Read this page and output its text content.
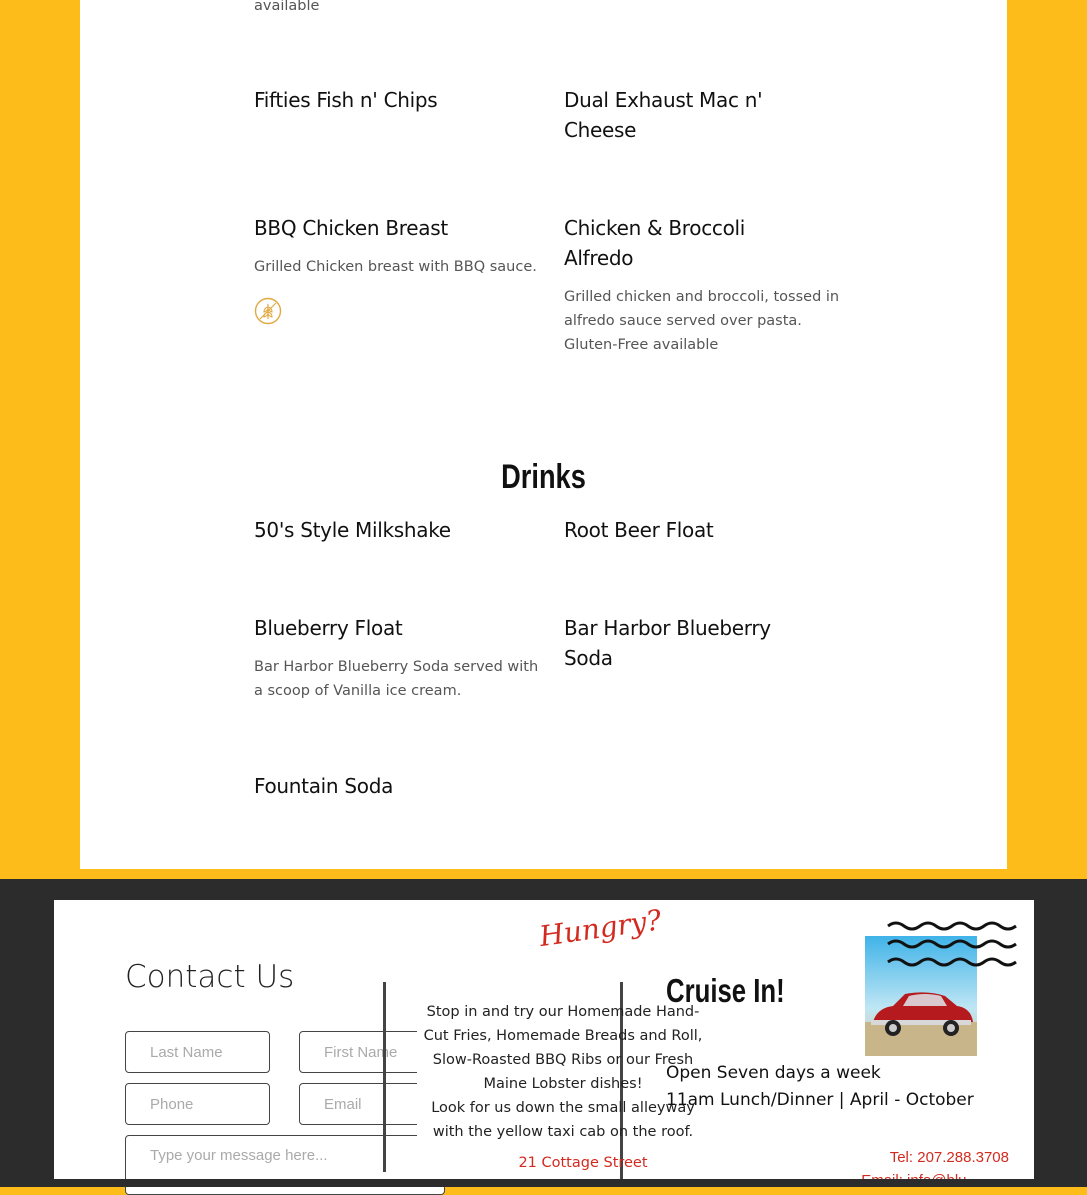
available
Fifties Fish n' Chips	Dual Exhaust Mac n' Cheese
BBQ Chicken Breast
Grilled Chicken breast with BBQ sauce.
Chicken & Broccoli Alfredo
Grilled chicken and broccoli, tossed in alfredo sauce served over pasta. Gluten-Free available
Drinks
50's Style Milkshake	Root Beer Float
Blueberry Float
Bar Harbor Blueberry Soda served with a scoop of Vanilla ice cream.
Bar Harbor Blueberry Soda
Fountain Soda
Contact Us
Last Name
First Name
Phone
Email
Type your message here...
Hungry?
Stop in and try our Homemade Hand-Cut Fries, Homemade Breads and Roll, Slow-Roasted BBQ Ribs or our Fresh Maine Lobster dishes!
Look for us down the small alleyway with the yellow taxi cab on the roof.
21 Cottage Street
Cruise In!
Open Seven days a week
11am Lunch/Dinner | April - October
Tel: 207.288.3708
